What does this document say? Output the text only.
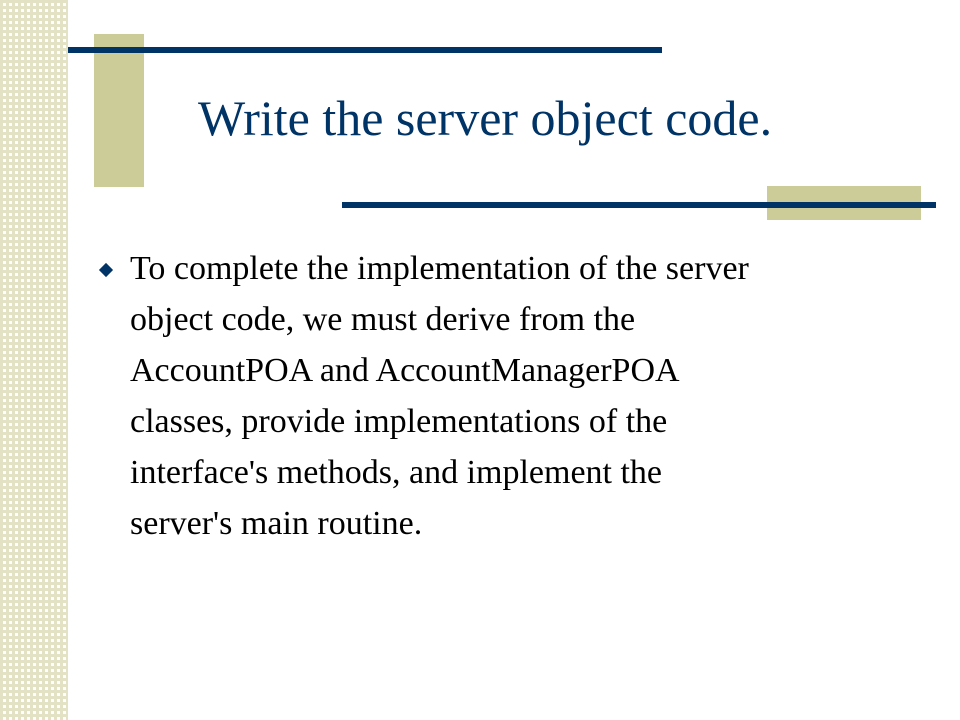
Write the server object code.
To complete the implementation of the server
object code, we must derive from the
AccountPOA and AccountManagerPOA
classes, provide implementations of the
interface's methods, and implement the
server's main routine.
